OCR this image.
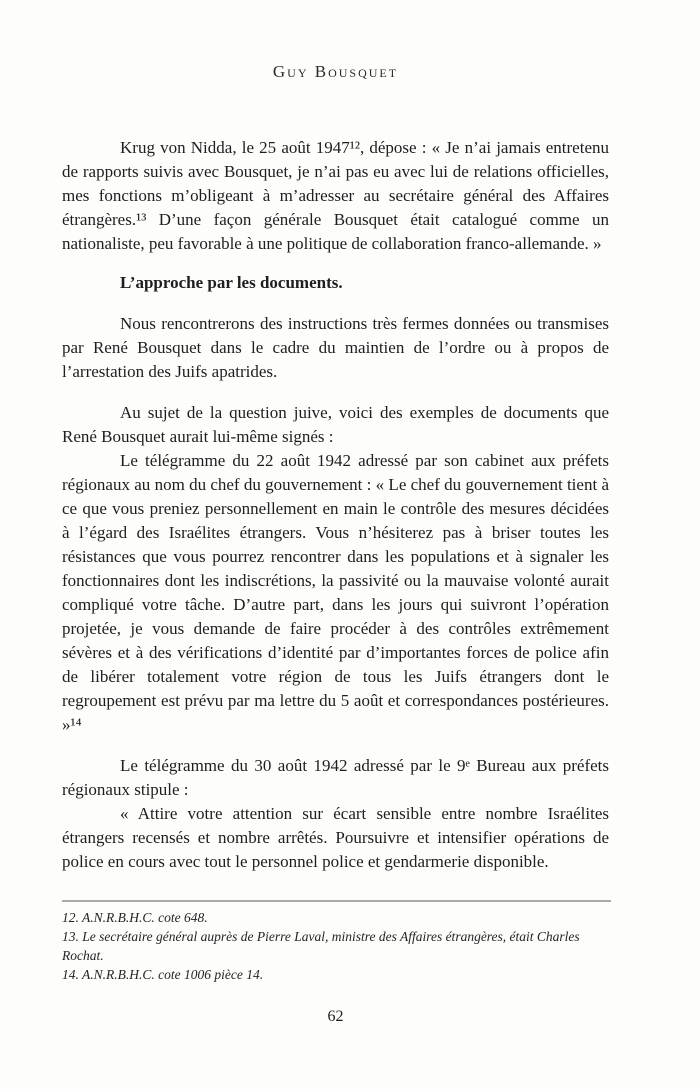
Guy Bousquet

Krug von Nidda, le 25 août 1947¹², dépose : « Je n’ai jamais entretenu de rapports suivis avec Bousquet, je n’ai pas eu avec lui de relations officielles, mes fonctions m’obligeant à m’adresser au secrétaire général des Affaires étrangères.¹³ D’une façon générale Bousquet était catalogué comme un nationaliste, peu favorable à une politique de collaboration franco-allemande. »

L’approche par les documents.

Nous rencontrerons des instructions très fermes données ou transmises par René Bousquet dans le cadre du maintien de l’ordre ou à propos de l’arrestation des Juifs apatrides.

Au sujet de la question juive, voici des exemples de documents que René Bousquet aurait lui-même signés :

Le télégramme du 22 août 1942 adressé par son cabinet aux préfets régionaux au nom du chef du gouvernement : « Le chef du gouvernement tient à ce que vous preniez personnellement en main le contrôle des mesures décidées à l’égard des Israélites étrangers. Vous n’hésiterez pas à briser toutes les résistances que vous pourrez rencontrer dans les populations et à signaler les fonctionnaires dont les indiscrétions, la passivité ou la mauvaise volonté aurait compliqué votre tâche. D’autre part, dans les jours qui suivront l’opération projetée, je vous demande de faire procéder à des contrôles extrêmement sévères et à des vérifications d’identité par d’importantes forces de police afin de libérer totalement votre région de tous les Juifs étrangers dont le regroupement est prévu par ma lettre du 5 août et correspondances postérieures. »¹⁴

Le télégramme du 30 août 1942 adressé par le 9ᵉ Bureau aux préfets régionaux stipule :

« Attire votre attention sur écart sensible entre nombre Israélites étrangers recensés et nombre arrêtés. Poursuivre et intensifier opérations de police en cours avec tout le personnel police et gendarmerie disponible.

12. A.N.R.B.H.C. cote 648.
13. Le secrétaire général auprès de Pierre Laval, ministre des Affaires étrangères, était Charles Rochat.
14. A.N.R.B.H.C. cote 1006 pièce 14.
62
